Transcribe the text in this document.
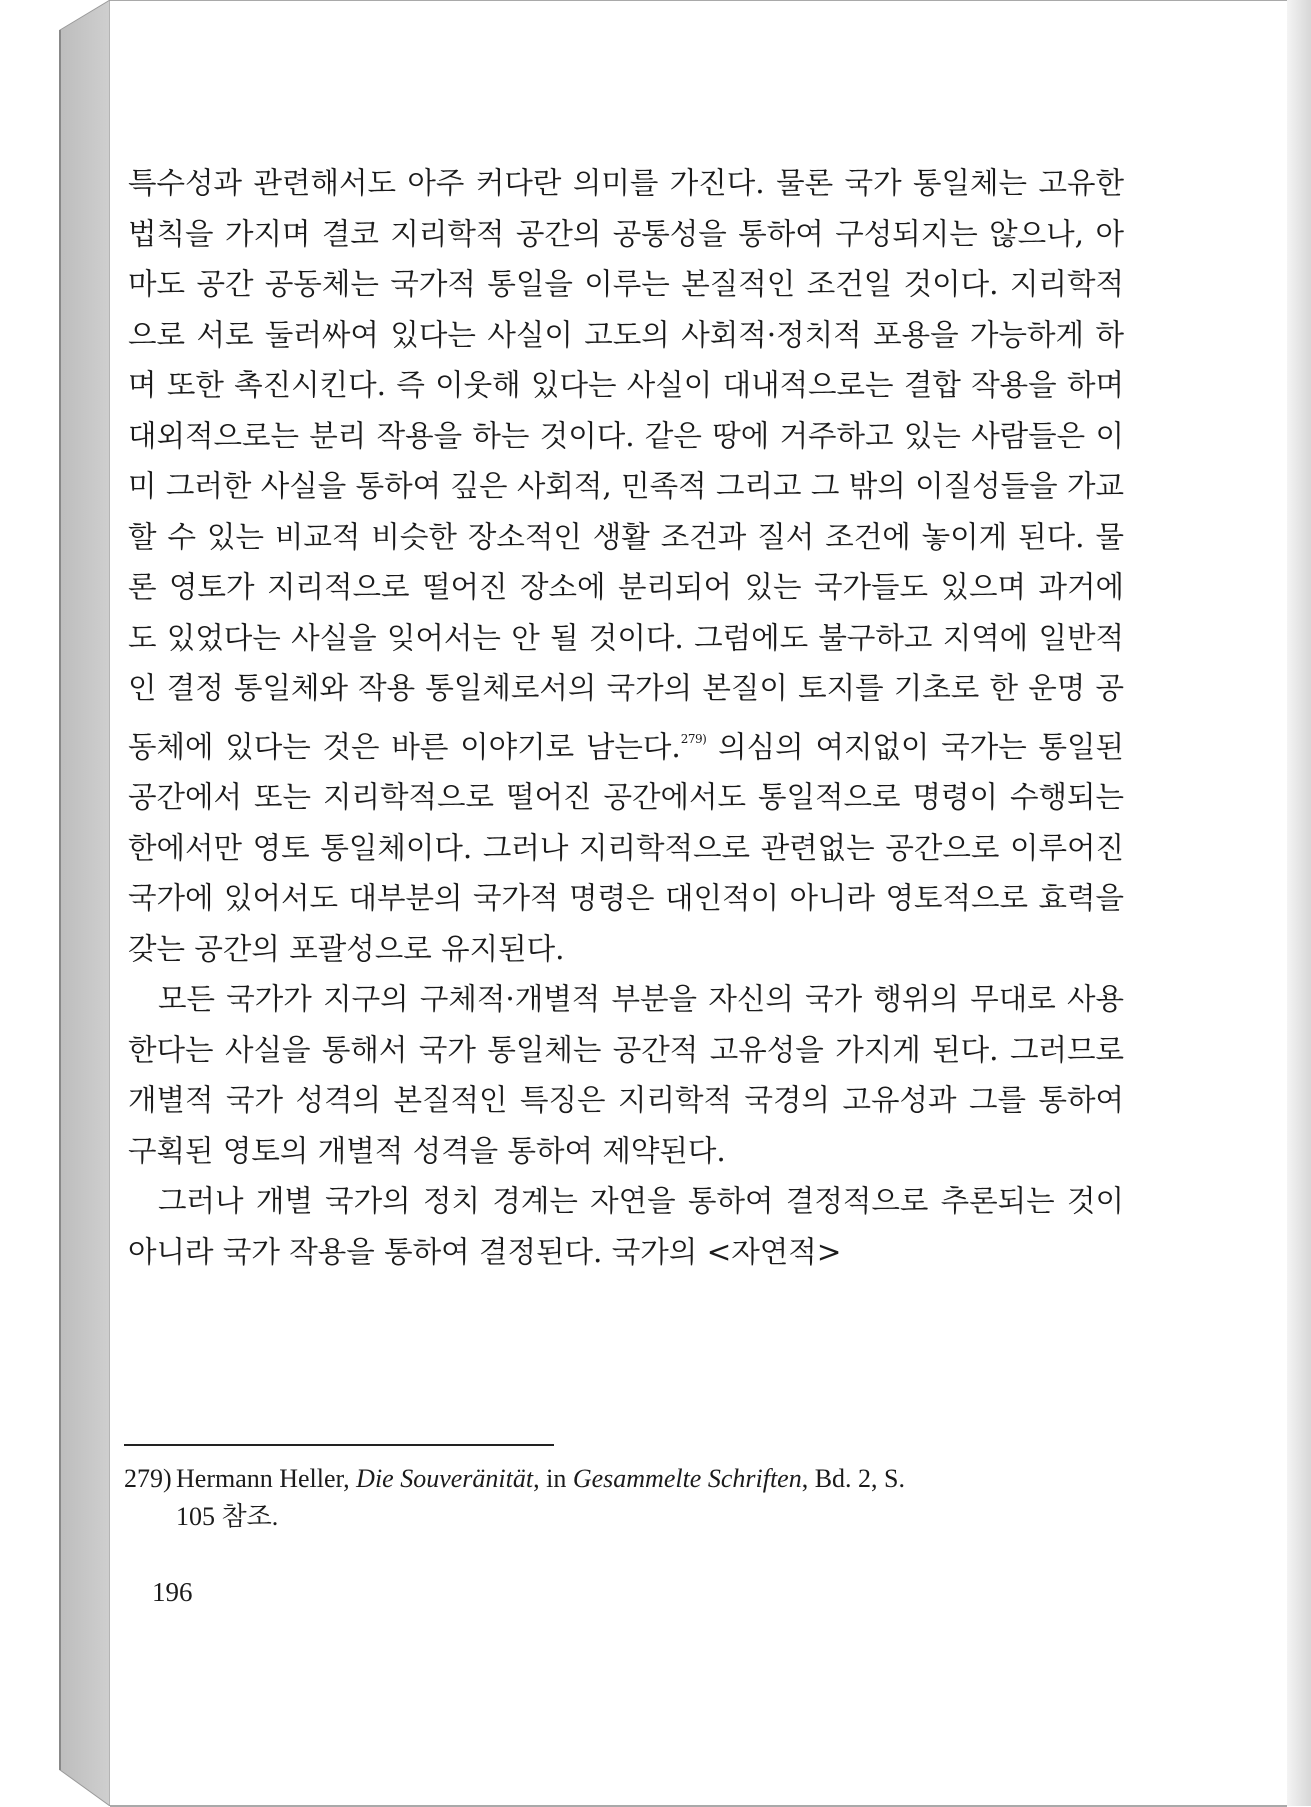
특수성과 관련해서도 아주 커다란 의미를 가진다. 물론 국가 통일체는 고유한 법칙을 가지며 결코 지리학적 공간의 공통성을 통하여 구성되지는 않으나, 아마도 공간 공동체는 국가적 통일을 이루는 본질적인 조건일 것이다. 지리학적으로 서로 둘러싸여 있다는 사실이 고도의 사회적·정치적 포용을 가능하게 하며 또한 촉진시킨다. 즉 이웃해 있다는 사실이 대내적으로는 결합 작용을 하며 대외적으로는 분리 작용을 하는 것이다. 같은 땅에 거주하고 있는 사람들은 이미 그러한 사실을 통하여 깊은 사회적, 민족적 그리고 그 밖의 이질성들을 가교할 수 있는 비교적 비슷한 장소적인 생활 조건과 질서 조건에 놓이게 된다. 물론 영토가 지리적으로 떨어진 장소에 분리되어 있는 국가들도 있으며 과거에도 있었다는 사실을 잊어서는 안 될 것이다. 그럼에도 불구하고 지역에 일반적인 결정 통일체와 작용 통일체로서의 국가의 본질이 토지를 기초로 한 운명 공동체에 있다는 것은 바른 이야기로 남는다.$^{279)}$ 의심의 여지없이 국가는 통일된 공간에서 또는 지리학적으로 떨어진 공간에서도 통일적으로 명령이 수행되는 한에서만 영토 통일체이다. 그러나 지리학적으로 관련없는 공간으로 이루어진 국가에 있어서도 대부분의 국가적 명령은 대인적이 아니라 영토적으로 효력을 갖는 공간의 포괄성으로 유지된다.

모든 국가가 지구의 구체적·개별적 부분을 자신의 국가 행위의 무대로 사용한다는 사실을 통해서 국가 통일체는 공간적 고유성을 가지게 된다. 그러므로 개별적 국가 성격의 본질적인 특징은 지리학적 국경의 고유성과 그를 통하여 구획된 영토의 개별적 성격을 통하여 제약된다.

그러나 개별 국가의 정치 경계는 자연을 통하여 결정적으로 추론되는 것이 아니라 국가 작용을 통하여 결정된다. 국가의 <자연적>

279) Hermann Heller, Die Souveränität, in Gesammelte Schriften, Bd. 2, S.
105 참조.
196
